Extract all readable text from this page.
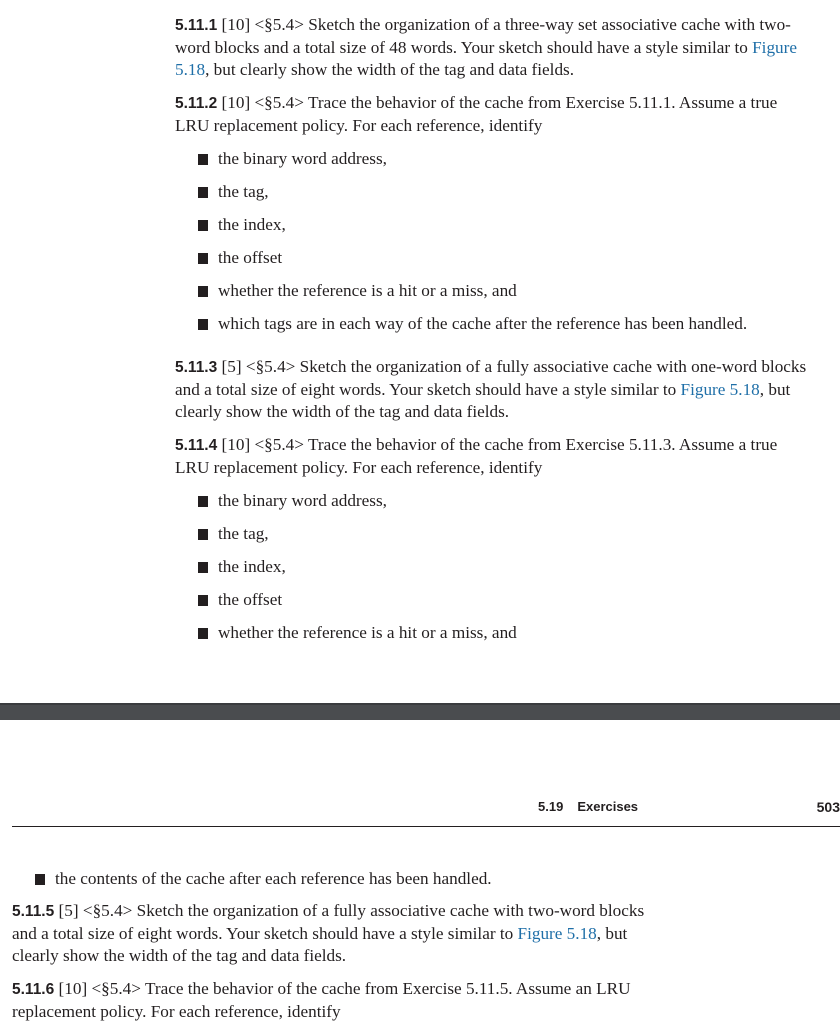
5.11.1 [10] <§5.4> Sketch the organization of a three-way set associative cache with two-word blocks and a total size of 48 words. Your sketch should have a style similar to Figure 5.18, but clearly show the width of the tag and data fields.

5.11.2 [10] <§5.4> Trace the behavior of the cache from Exercise 5.11.1. Assume a true LRU replacement policy. For each reference, identify

the binary word address,
the tag,
the index,
the offset
whether the reference is a hit or a miss, and
which tags are in each way of the cache after the reference has been handled.

5.11.3 [5] <§5.4> Sketch the organization of a fully associative cache with one-word blocks and a total size of eight words. Your sketch should have a style similar to Figure 5.18, but clearly show the width of the tag and data fields.

5.11.4 [10] <§5.4> Trace the behavior of the cache from Exercise 5.11.3. Assume a true LRU replacement policy. For each reference, identify

the binary word address,
the tag,
the index,
the offset
whether the reference is a hit or a miss, and
5.19 Exercises	503

the contents of the cache after each reference has been handled.

5.11.5 [5] <§5.4> Sketch the organization of a fully associative cache with two-word blocks and a total size of eight words. Your sketch should have a style similar to Figure 5.18, but clearly show the width of the tag and data fields.

5.11.6 [10] <§5.4> Trace the behavior of the cache from Exercise 5.11.5. Assume an LRU replacement policy. For each reference, identify
